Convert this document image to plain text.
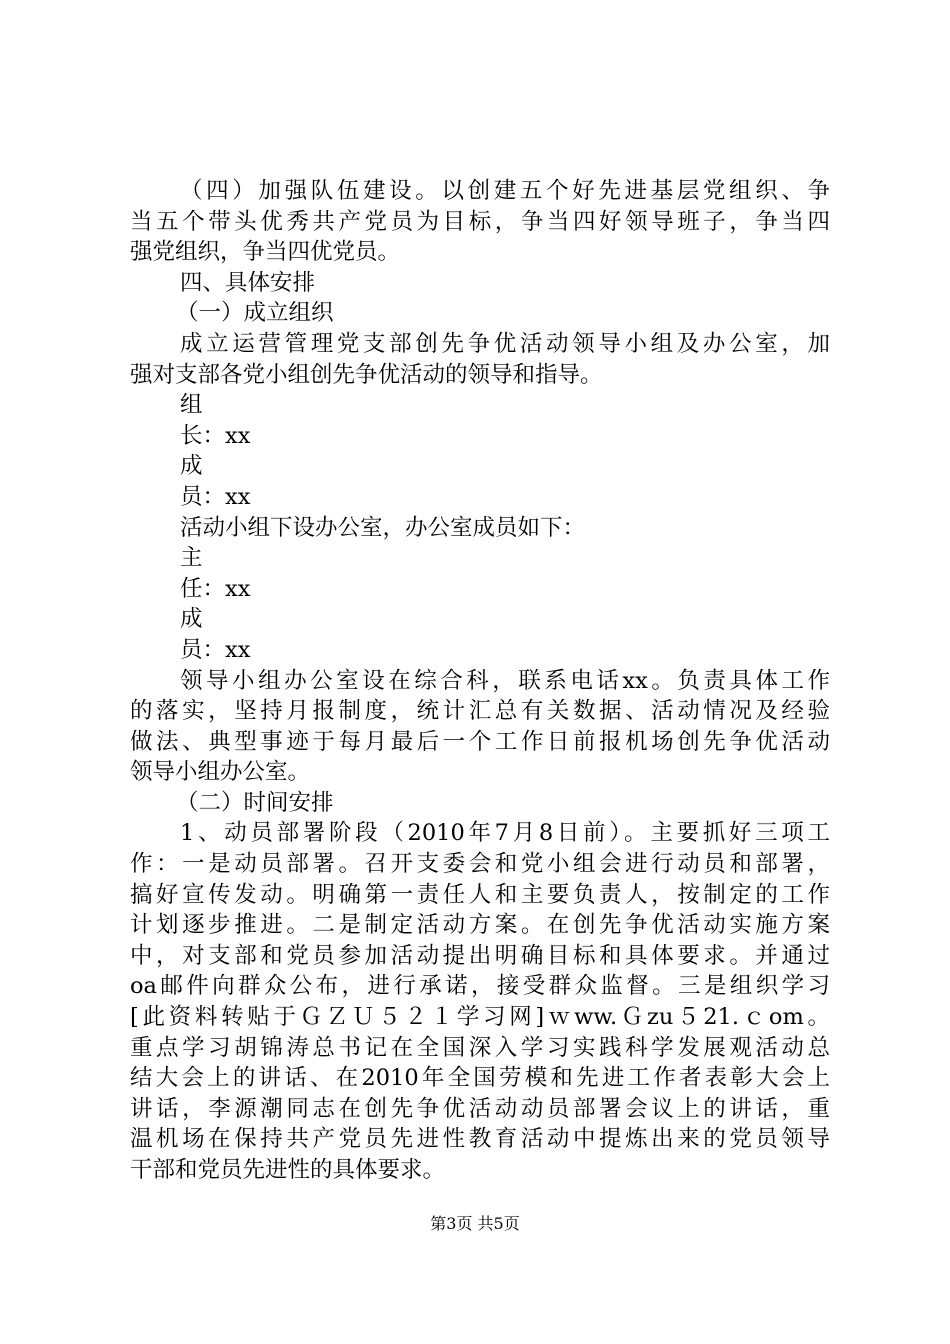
（四）加强队伍建设。以创建五个好先进基层党组织、争
当五个带头优秀共产党员为目标，争当四好领导班子，争当四
强党组织，争当四优党员。
四、具体安排
（一）成立组织
成立运营管理党支部创先争优活动领导小组及办公室，加
强对支部各党小组创先争优活动的领导和指导。
组
长：xx
成
员：xx
活动小组下设办公室，办公室成员如下：
主
任：xx
成
员：xx
领导小组办公室设在综合科，联系电话xx。负责具体工作
的落实，坚持月报制度，统计汇总有关数据、活动情况及经验
做法、典型事迹于每月最后一个工作日前报机场创先争优活动
领导小组办公室。
（二）时间安排
1、动员部署阶段（2010年7月8日前）。主要抓好三项工
作：一是动员部署。召开支委会和党小组会进行动员和部署，
搞好宣传发动。明确第一责任人和主要负责人，按制定的工作
计划逐步推进。二是制定活动方案。在创先争优活动实施方案
中，对支部和党员参加活动提出明确目标和具体要求。并通过
oa邮件向群众公布，进行承诺，接受群众监督。三是组织学习
[此资料转贴于ＧＺＵ５２１学习网]ｗww.Ｇzu５21.ｃom。
重点学习胡锦涛总书记在全国深入学习实践科学发展观活动总
结大会上的讲话、在2010年全国劳模和先进工作者表彰大会上
讲话，李源潮同志在创先争优活动动员部署会议上的讲话，重
温机场在保持共产党员先进性教育活动中提炼出来的党员领导
干部和党员先进性的具体要求。
第3页 共5页
